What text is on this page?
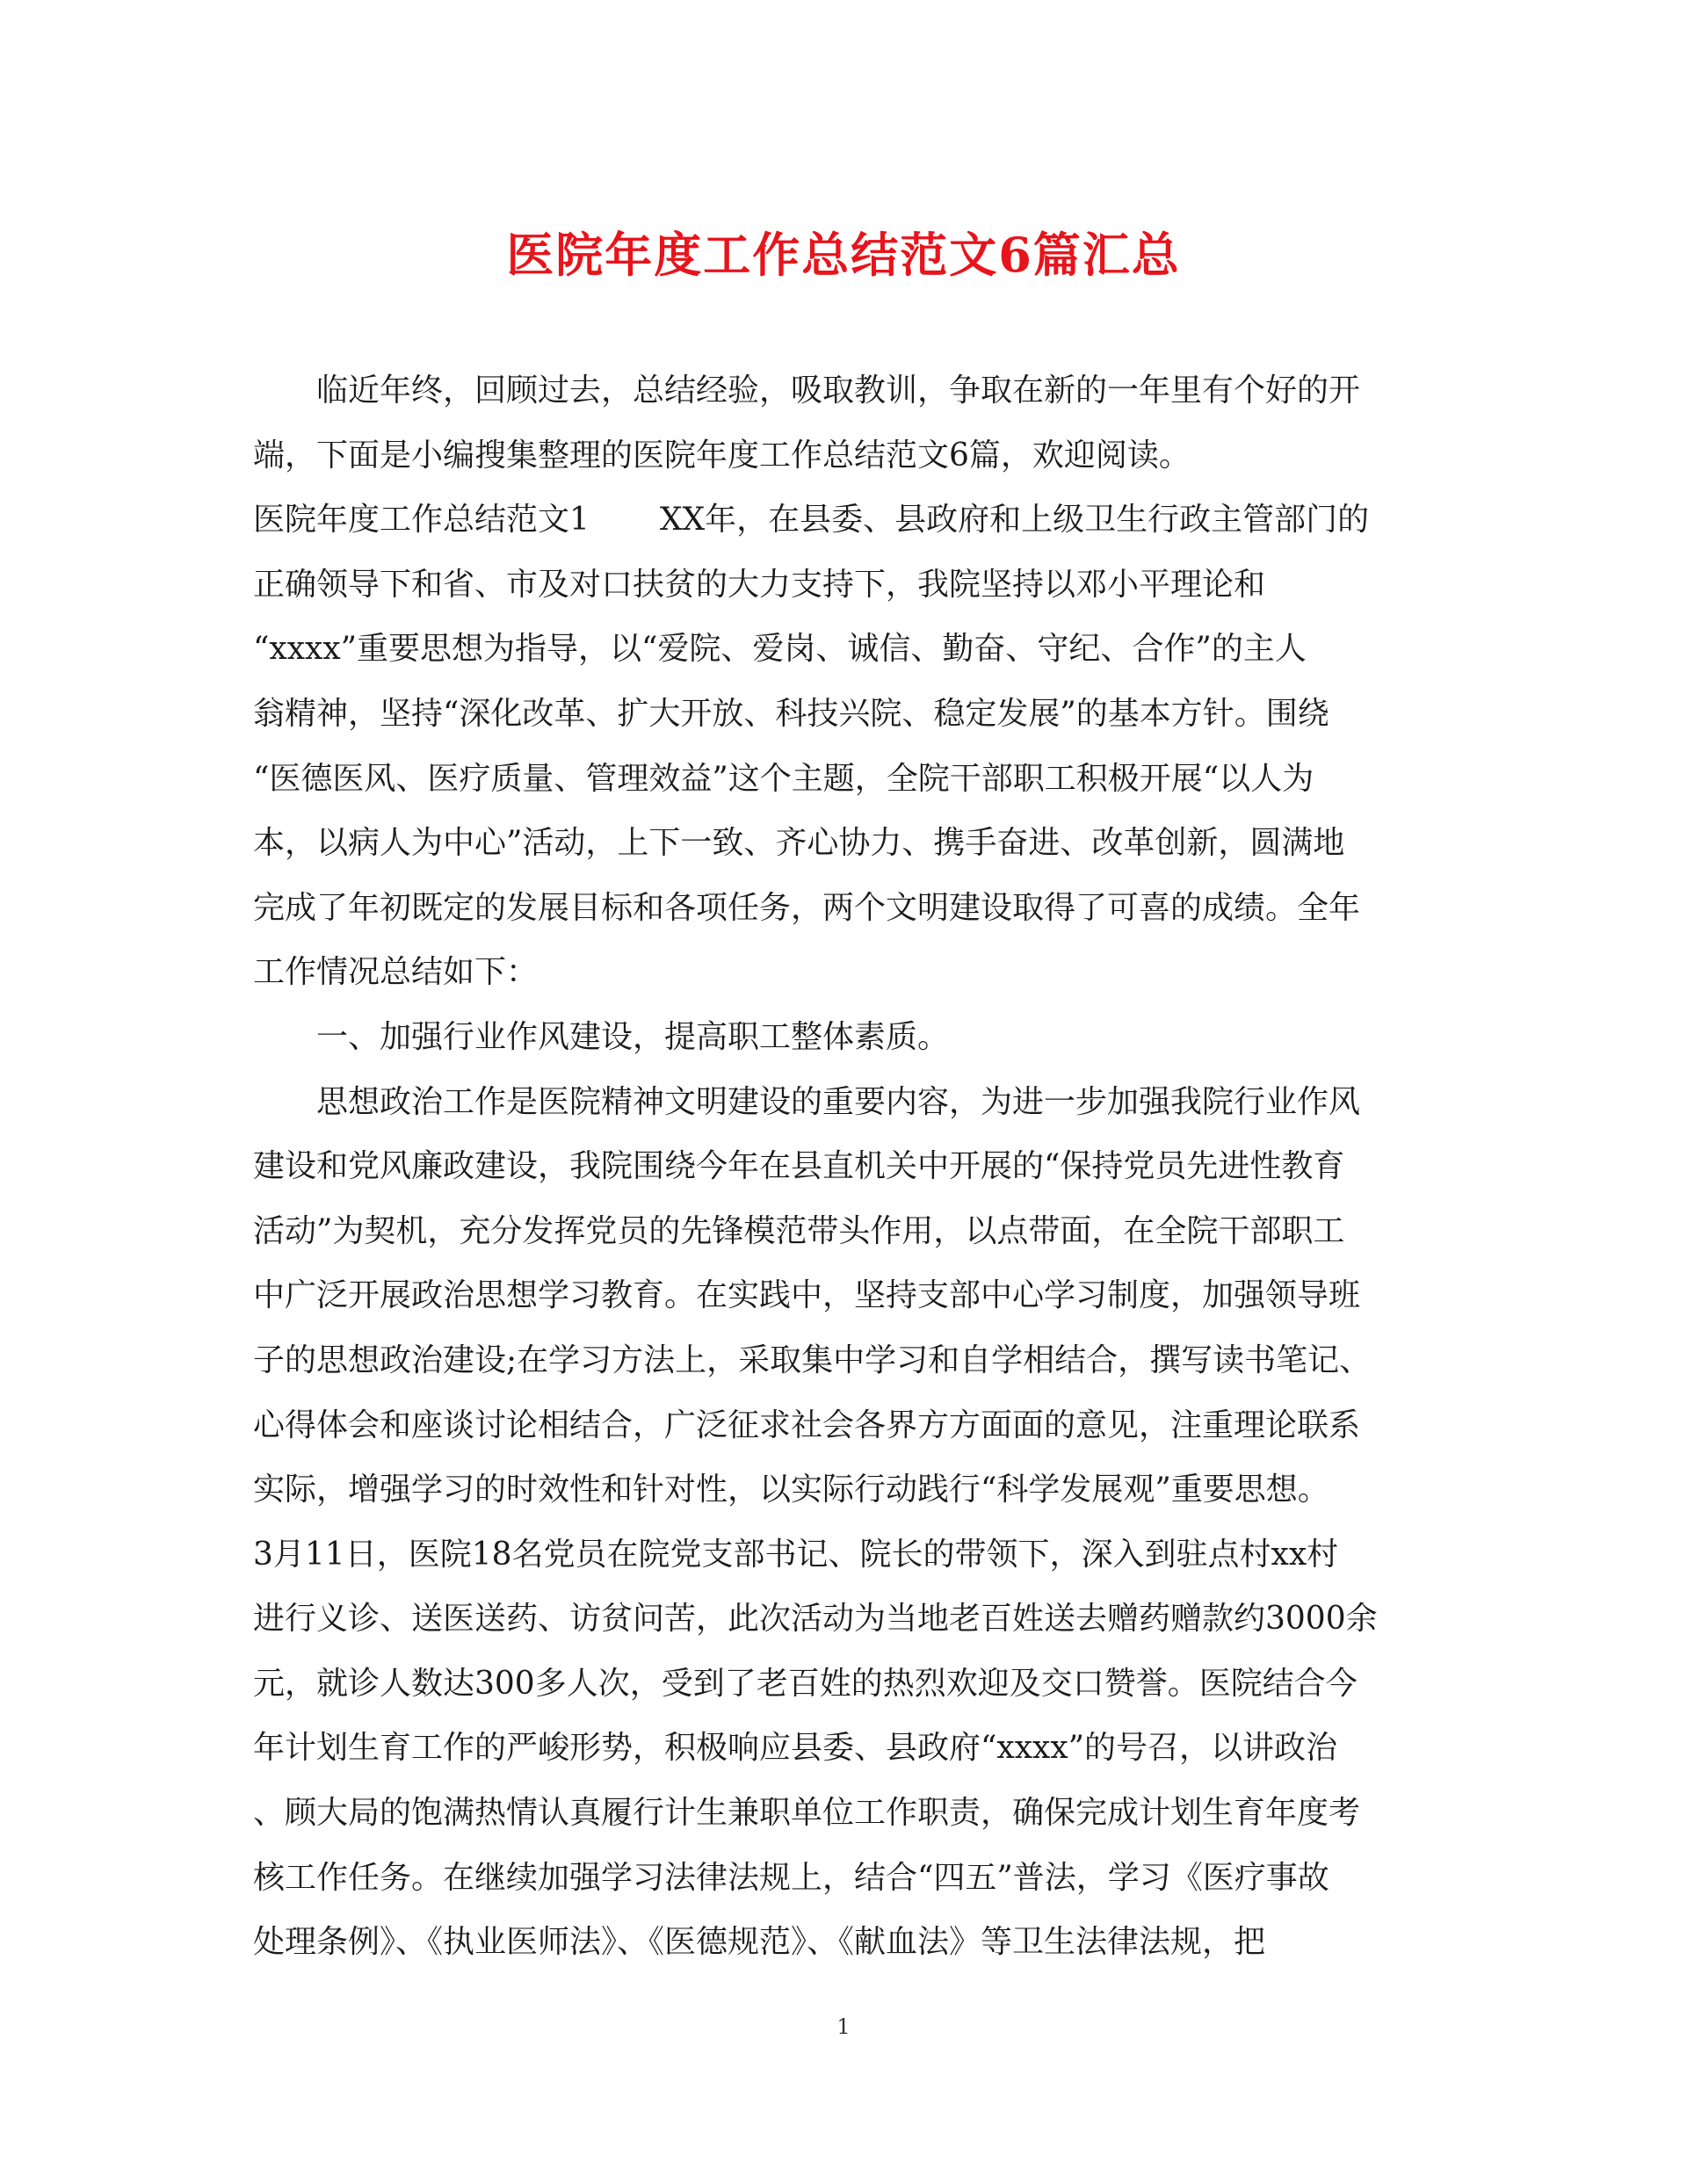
医院年度工作总结范文6篇汇总
临近年终，回顾过去，总结经验，吸取教训，争取在新的一年里有个好的开
端，下面是小编搜集整理的医院年度工作总结范文6篇，欢迎阅读。
医院年度工作总结范文1 XX年，在县委、县政府和上级卫生行政主管部门的
正确领导下和省、市及对口扶贫的大力支持下，我院坚持以邓小平理论和
“xxxx”重要思想为指导，以“爱院、爱岗、诚信、勤奋、守纪、合作”的主人
翁精神，坚持“深化改革、扩大开放、科技兴院、稳定发展”的基本方针。围绕
“医德医风、医疗质量、管理效益”这个主题，全院干部职工积极开展“以人为
本，以病人为中心”活动，上下一致、齐心协力、携手奋进、改革创新，圆满地
完成了年初既定的发展目标和各项任务，两个文明建设取得了可喜的成绩。全年
工作情况总结如下：
一、加强行业作风建设，提高职工整体素质。
思想政治工作是医院精神文明建设的重要内容，为进一步加强我院行业作风
建设和党风廉政建设，我院围绕今年在县直机关中开展的“保持党员先进性教育
活动”为契机，充分发挥党员的先锋模范带头作用，以点带面，在全院干部职工
中广泛开展政治思想学习教育。在实践中，坚持支部中心学习制度，加强领导班
子的思想政治建设;在学习方法上，采取集中学习和自学相结合，撰写读书笔记、
心得体会和座谈讨论相结合，广泛征求社会各界方方面面的意见，注重理论联系
实际，增强学习的时效性和针对性，以实际行动践行“科学发展观”重要思想。
3月11日，医院18名党员在院党支部书记、院长的带领下，深入到驻点村xx村
进行义诊、送医送药、访贫问苦，此次活动为当地老百姓送去赠药赠款约3000余
元，就诊人数达300多人次，受到了老百姓的热烈欢迎及交口赞誉。医院结合今
年计划生育工作的严峻形势，积极响应县委、县政府“xxxx”的号召，以讲政治
、顾大局的饱满热情认真履行计生兼职单位工作职责，确保完成计划生育年度考
核工作任务。在继续加强学习法律法规上，结合“四五”普法，学习《医疗事故
处理条例》、《执业医师法》、《医德规范》、《献血法》等卫生法律法规，把
1
